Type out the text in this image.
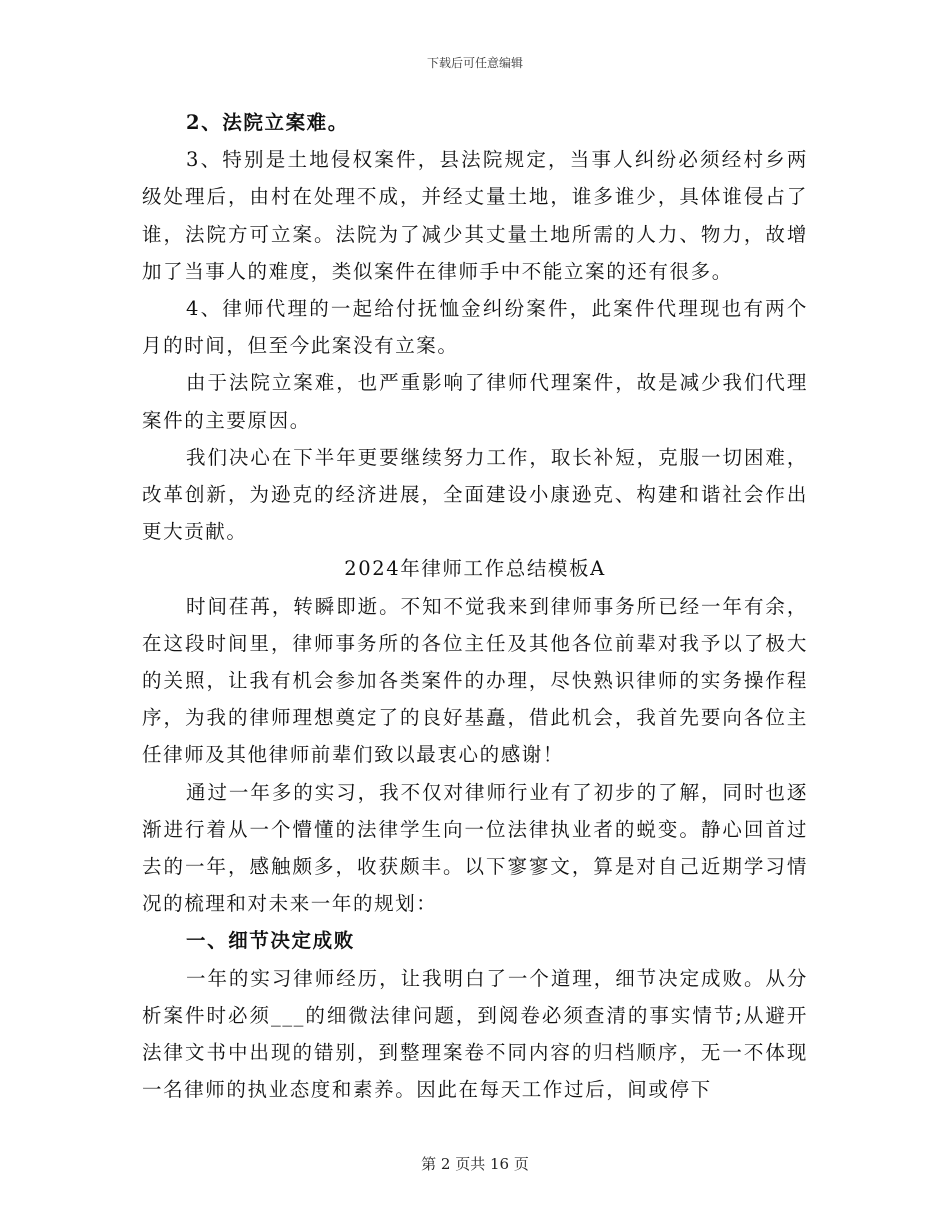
下载后可任意编辑

2、法院立案难。

3、特别是土地侵权案件，县法院规定，当事人纠纷必须经村乡两级处理后，由村在处理不成，并经丈量土地，谁多谁少，具体谁侵占了谁，法院方可立案。法院为了减少其丈量土地所需的人力、物力，故增加了当事人的难度，类似案件在律师手中不能立案的还有很多。

4、律师代理的一起给付抚恤金纠纷案件，此案件代理现也有两个月的时间，但至今此案没有立案。

由于法院立案难，也严重影响了律师代理案件，故是减少我们代理案件的主要原因。

我们决心在下半年更要继续努力工作，取长补短，克服一切困难，改革创新，为逊克的经济进展，全面建设小康逊克、构建和谐社会作出更大贡献。

2024年律师工作总结模板A

时间荏苒，转瞬即逝。不知不觉我来到律师事务所已经一年有余，在这段时间里，律师事务所的各位主任及其他各位前辈对我予以了极大的关照，让我有机会参加各类案件的办理，尽快熟识律师的实务操作程序，为我的律师理想奠定了的良好基矗，借此机会，我首先要向各位主任律师及其他律师前辈们致以最衷心的感谢！

通过一年多的实习，我不仅对律师行业有了初步的了解，同时也逐渐进行着从一个懵懂的法律学生向一位法律执业者的蜕变。静心回首过去的一年，感触颇多，收获颇丰。以下寥寥文，算是对自己近期学习情况的梳理和对未来一年的规划：

一、细节决定成败

一年的实习律师经历，让我明白了一个道理，细节决定成败。从分析案件时必须___的细微法律问题，到阅卷必须查清的事实情节;从避开法律文书中出现的错别，到整理案卷不同内容的归档顺序，无一不体现一名律师的执业态度和素养。因此在每天工作过后，间或停下

第 2 页共 16 页
